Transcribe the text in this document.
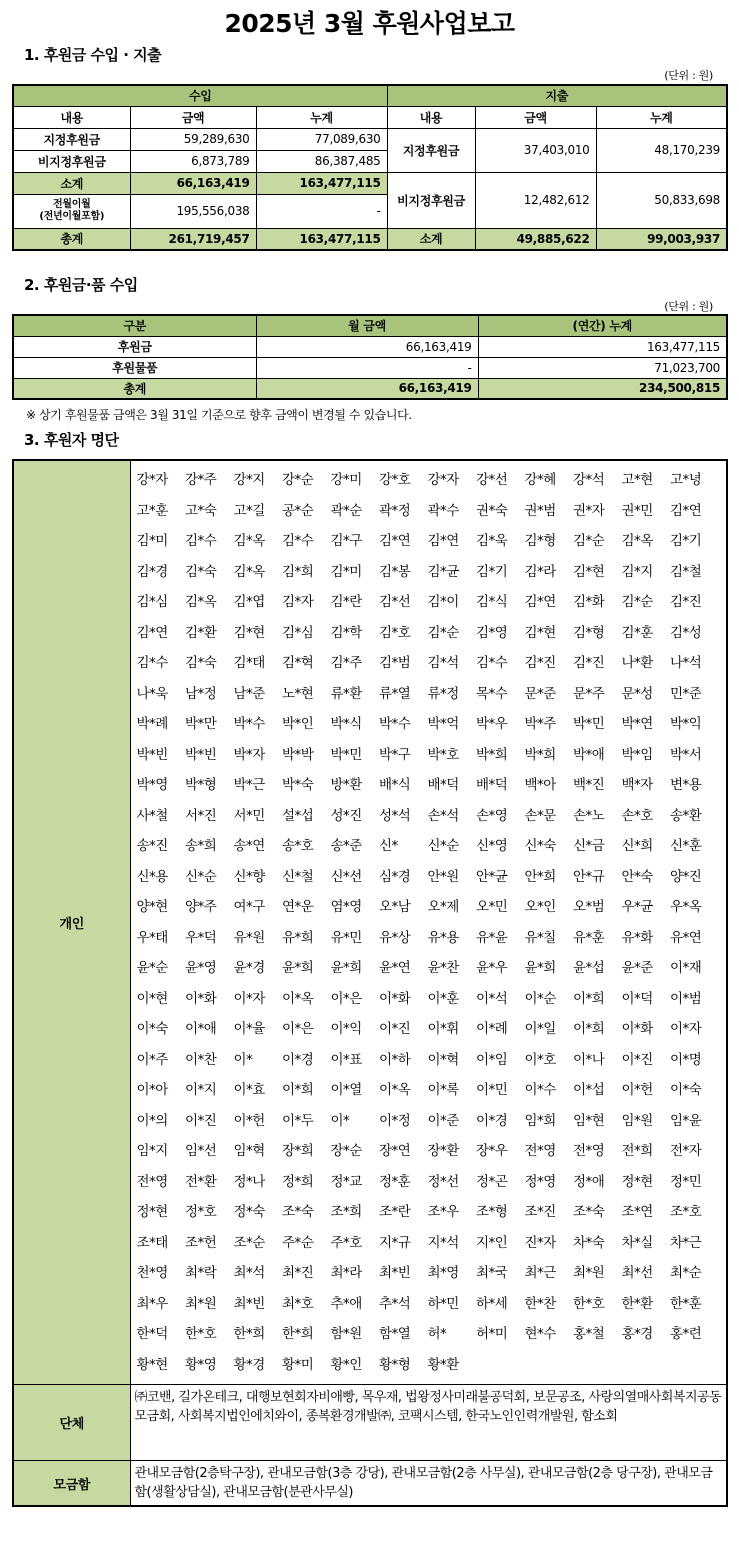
2025년 3월 후원사업보고
1. 후원금 수입 · 지출
(단위 : 원)
수입			지출		
내용	금액	누계	내용	금액	누계
지정후원금	59,289,630	77,089,630	지정후원금	37,403,010	48,170,239
비지정후원금	6,873,789	86,387,485			
소계	66,163,419	163,477,115	비지정후원금	12,482,612	50,833,698

전월이월
(전년이월포함)	195,556,038	-			
총계	261,719,457	163,477,115	소계	49,885,622	99,003,937
2. 후원금·품 수입
(단위 : 원)
구분	월 금액	(연간) 누계
후원금	66,163,419	163,477,115
후원물품	-	71,023,700
총계	66,163,419	234,500,815
※ 상기 후원물품 금액은 3월 31일 기준으로 향후 금액이 변경될 수 있습니다.
3. 후원자 명단
개인	강*자 강*주 강*지 강*순 강*미 강*호 강*자 강*선 강*혜 강*석 고*현 고*녕고*훈 고*숙 고*길 공*순 곽*순 곽*정 곽*수 권*숙 권*범 권*자 권*민 김*연김*미 김*수 김*옥 김*수 김*구 김*연 김*연 김*욱 김*형 김*순 김*옥 김*기김*경 김*숙 김*옥 김*희 김*미 김*봉 김*균 김*기 김*라 김*현 김*지 김*철김*심 김*옥 김*엽 김*자 김*란 김*선 김*이 김*식 김*연 김*화 김*순 김*진김*연 김*환 김*현 김*심 김*학 김*호 김*순 김*영 김*현 김*형 김*훈 김*성김*수 김*숙 김*태 김*혁 김*주 김*범 김*석 김*수 김*진 김*진 나*환 나*석나*욱 남*정 남*준 노*현 류*환 류*열 류*정 목*수 문*준 문*주 문*성 민*준박*례 박*만 박*수 박*인 박*식 박*수 박*억 박*우 박*주 박*민 박*연 박*익박*빈 박*빈 박*자 박*박 박*민 박*구 박*호 박*희 박*희 박*애 박*임 박*서박*영 박*형 박*근 박*숙 방*환 배*식 배*덕 배*덕 백*아 백*진 백*자 변*용사*철 서*진 서*민 설*섭 성*진 성*석 손*석 손*영 손*문 손*노 손*호 송*환송*진 송*희 송*연 송*호 송*준 신* 신*순 신*영 신*숙 신*금 신*희 신*훈신*용 신*순 신*향 신*철 신*선 심*경 안*원 안*균 안*희 안*규 안*숙 양*진양*현 양*주 여*구 연*운 염*영 오*남 오*제 오*민 오*인 오*범 우*균 우*옥우*태 우*덕 유*원 유*희 유*민 유*상 유*용 유*윤 유*칠 유*훈 유*화 유*연윤*순 윤*영 윤*경 윤*희 윤*희 윤*연 윤*찬 윤*우 윤*희 윤*섭 윤*준 이*재이*현 이*화 이*자 이*옥 이*은 이*화 이*훈 이*석 이*순 이*희 이*덕 이*범이*숙 이*애 이*율 이*은 이*익 이*진 이*휘 이*례 이*일 이*희 이*화 이*자이*주 이*찬 이* 이*경 이*표 이*하 이*혁 이*임 이*호 이*나 이*진 이*명이*아 이*지 이*효 이*희 이*열 이*옥 이*록 이*민 이*수 이*섭 이*헌 이*숙이*의 이*진 이*헌 이*두 이* 이*정 이*준 이*경 임*희 임*현 임*원 임*윤임*지 임*선 임*혁 장*희 장*순 장*연 장*환 장*우 전*영 전*영 전*희 전*자전*영 전*환 정*나 정*희 정*교 정*훈 정*선 정*곤 정*영 정*애 정*현 정*민정*현 정*호 정*숙 조*숙 조*희 조*란 조*우 조*형 조*진 조*숙 조*연 조*호조*태 조*헌 조*순 주*순 주*호 지*규 지*석 지*인 진*자 차*숙 차*실 차*근천*영 최*락 최*석 최*진 최*라 최*빈 최*영 최*국 최*근 최*원 최*선 최*순최*우 최*원 최*빈 최*호 추*애 추*석 하*민 하*세 한*찬 한*호 한*환 한*훈한*덕 한*호 한*희 한*희 함*원 함*열 허* 허*미 현*수 홍*철 홍*경 홍*련황*현 황*영 황*경 황*미 황*인 황*형 황*환
단체	㈜코밴, 길가온테크, 대행보현회자비애빵, 목우재, 법왕정사미래불공덕회, 보문공조, 사랑의열매사회복지공동모금회, 사회복지법인에치와이, 종복환경개발㈜, 코팩시스템, 한국노인인력개발원, 함소회
모금함	관내모금함(2층탁구장), 관내모금함(3층 강당), 관내모금함(2층 사무실), 관내모금함(2층 당구장), 관내모금함(생활상담실), 관내모금함(분관사무실)
